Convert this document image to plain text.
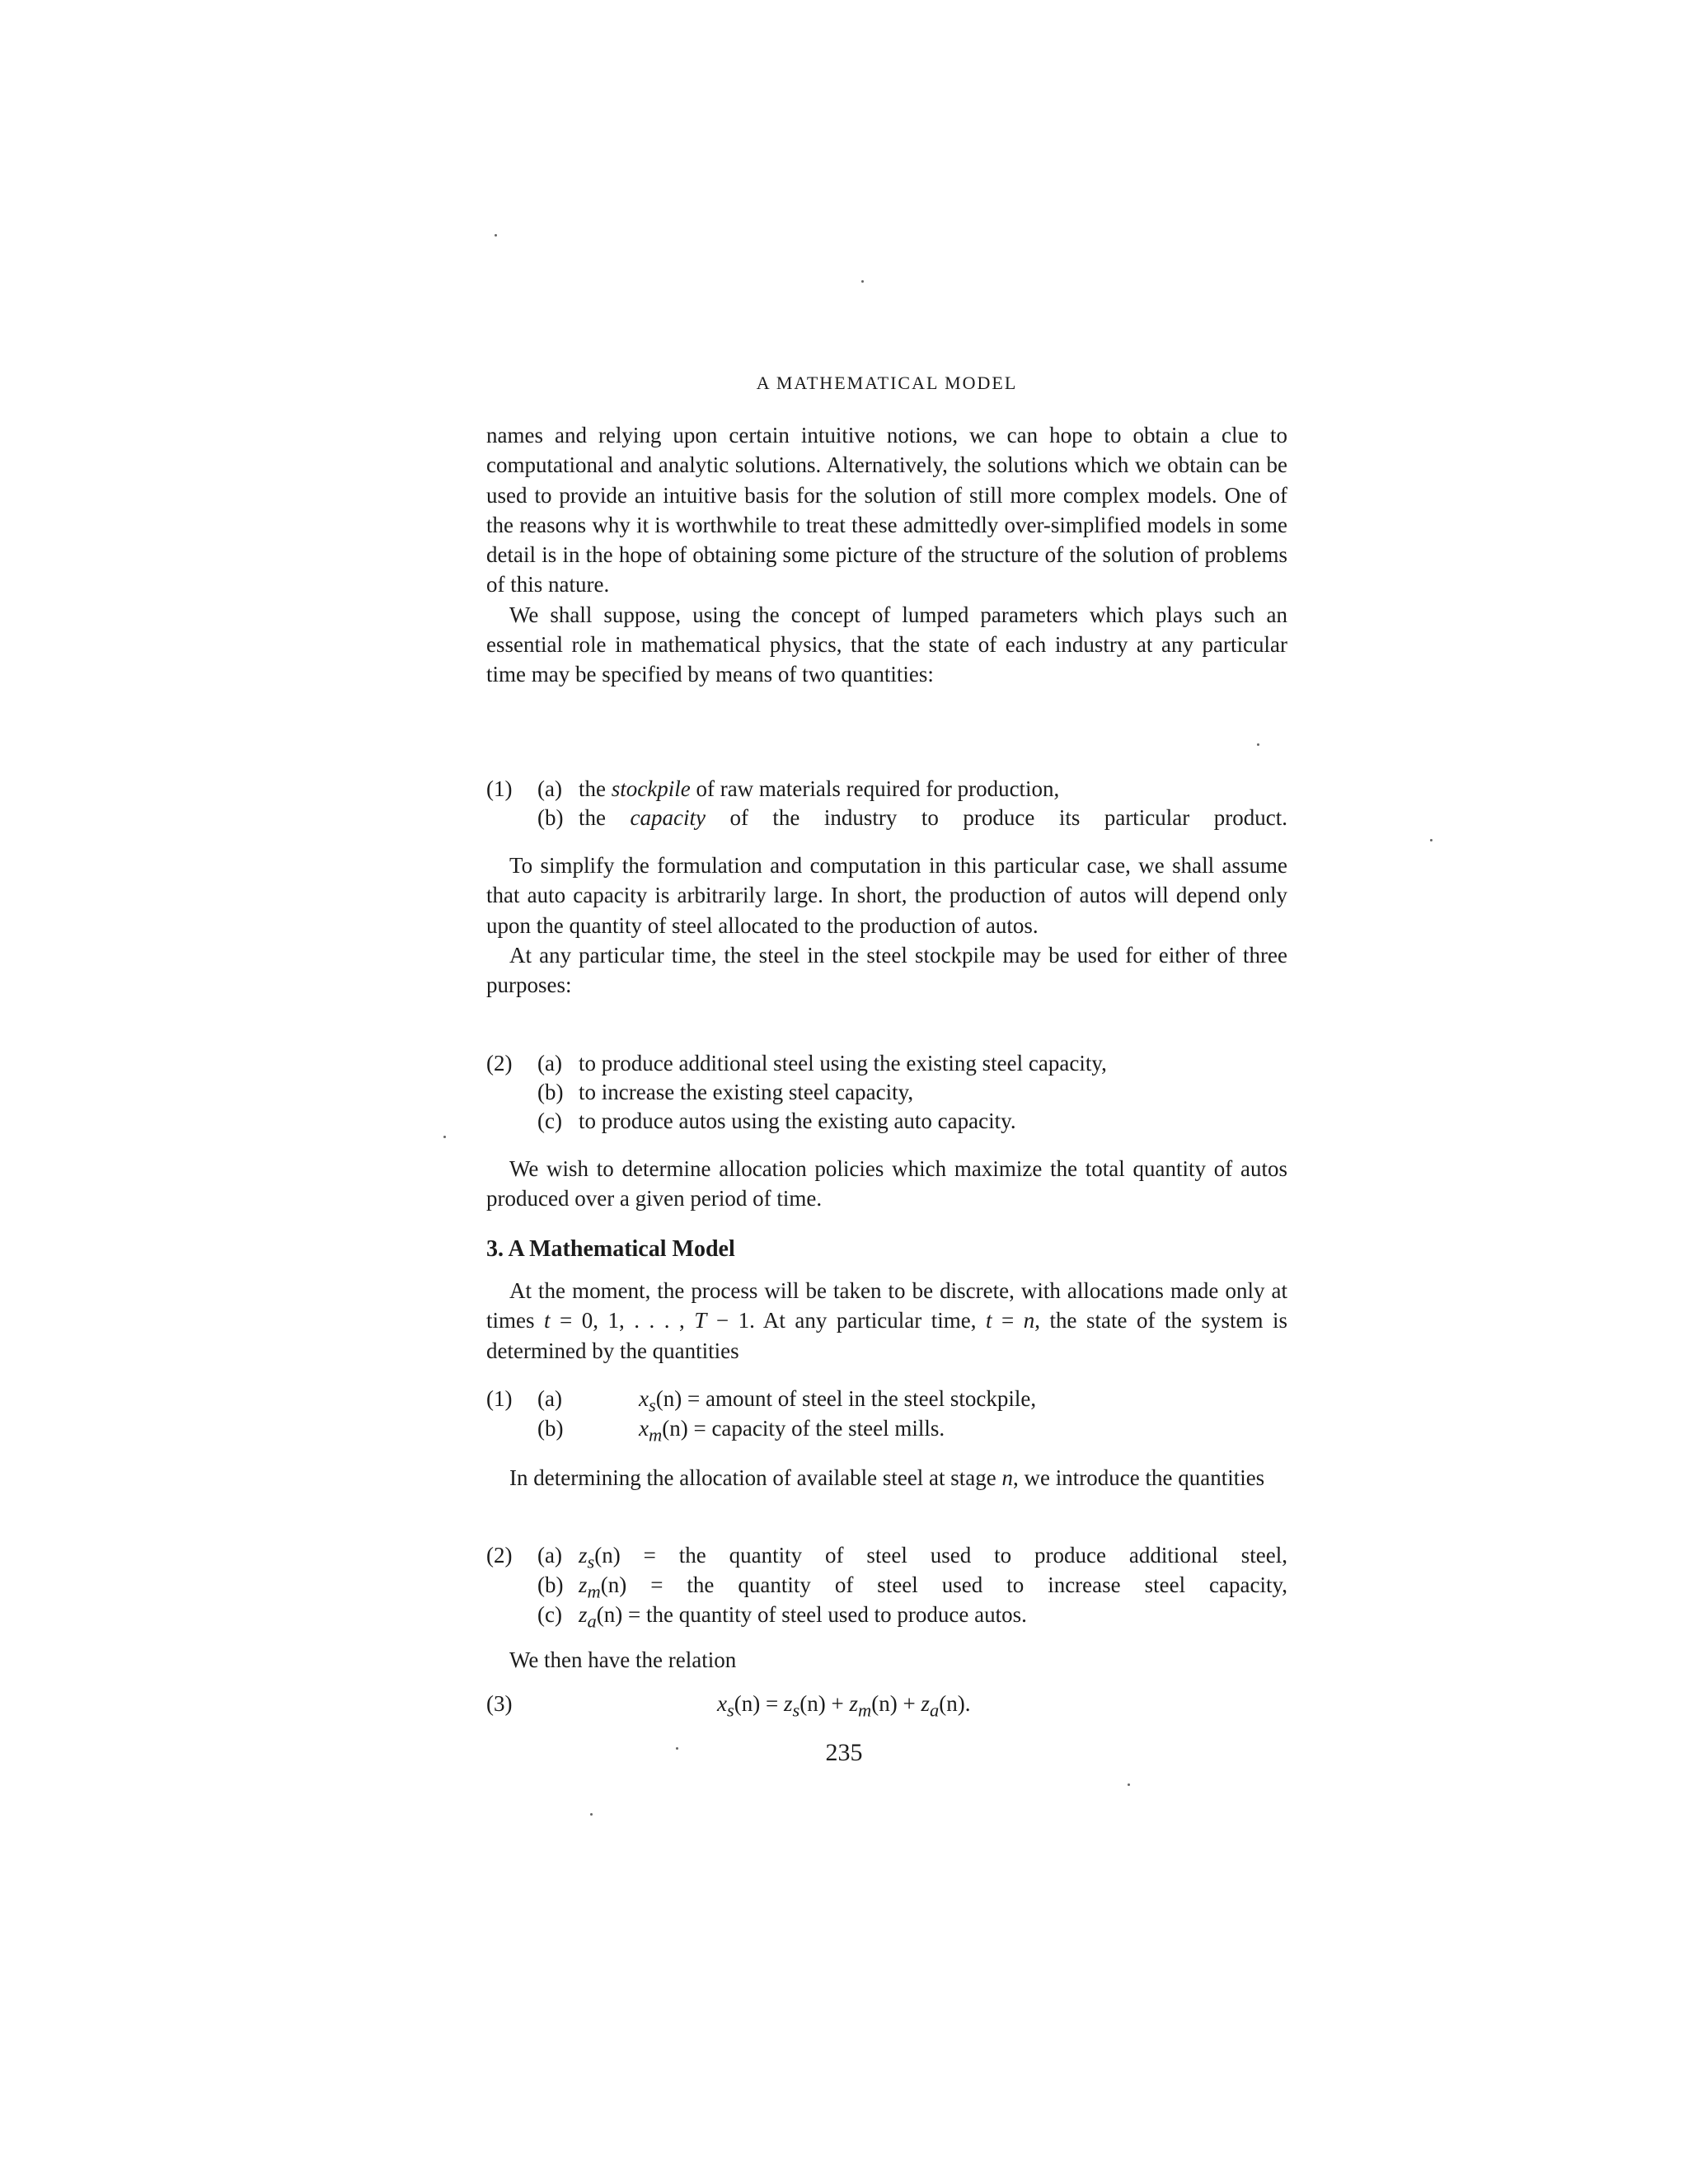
A MATHEMATICAL MODEL

names and relying upon certain intuitive notions, we can hope to obtain a clue to computational and analytic solutions. Alternatively, the solutions which we obtain can be used to provide an intuitive basis for the solution of still more complex models. One of the reasons why it is worthwhile to treat these admittedly over-simplified models in some detail is in the hope of obtaining some picture of the structure of the solution of problems of this nature.

We shall suppose, using the concept of lumped parameters which plays such an essential role in mathematical physics, that the state of each industry at any particular time may be specified by means of two quantities:

(1) (a) the stockpile of raw materials required for production,
(b) the capacity of the industry to produce its particular product.

To simplify the formulation and computation in this particular case, we shall assume that auto capacity is arbitrarily large. In short, the production of autos will depend only upon the quantity of steel allocated to the production of autos.

At any particular time, the steel in the steel stockpile may be used for either of three purposes:

(2) (a) to produce additional steel using the existing steel capacity,
(b) to increase the existing steel capacity,
(c) to produce autos using the existing auto capacity.

We wish to determine allocation policies which maximize the total quantity of autos produced over a given period of time.

3. A Mathematical Model

At the moment, the process will be taken to be discrete, with allocations made only at times t = 0, 1, . . . , T − 1. At any particular time, t = n, the state of the system is determined by the quantities

(1) (a)	$x_s(n)$ = amount of steel in the steel stockpile,
(b)	$x_m(n)$ = capacity of the steel mills.

In determining the allocation of available steel at stage n, we introduce the quantities

(2) (a) $z_s(n)$ = the quantity of steel used to produce additional steel,
(b) $z_m(n)$ = the quantity of steel used to increase steel capacity,
(c) $z_a(n)$ = the quantity of steel used to produce autos.

We then have the relation

(3)	$x_s(n) = z_s(n) + z_m(n) + z_a(n)$.
235
